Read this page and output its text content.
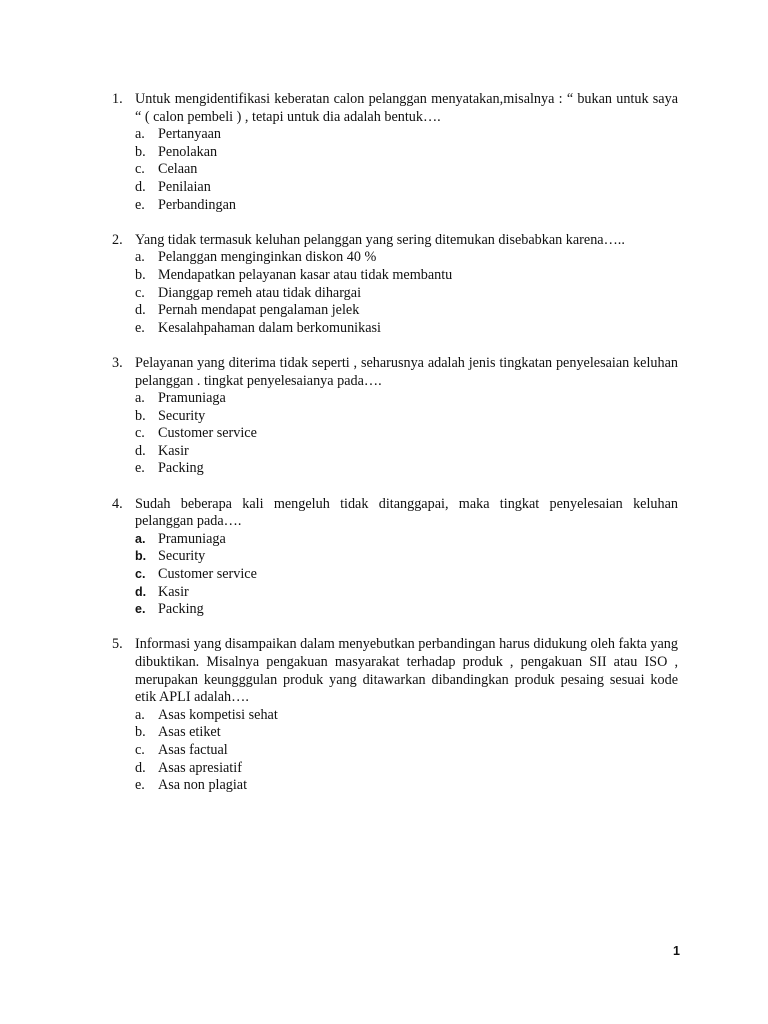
1. Untuk mengidentifikasi keberatan calon pelanggan menyatakan,misalnya : “ bukan untuk saya “ ( calon pembeli ) , tetapi untuk dia adalah bentuk….
a. Pertanyaan
b. Penolakan
c. Celaan
d. Penilaian
e. Perbandingan
2. Yang tidak termasuk keluhan pelanggan yang sering ditemukan disebabkan karena…..
a. Pelanggan menginginkan diskon 40 %
b. Mendapatkan pelayanan kasar atau tidak membantu
c. Dianggap remeh atau tidak dihargai
d. Pernah mendapat pengalaman jelek
e. Kesalahpahaman dalam berkomunikasi
3. Pelayanan yang diterima tidak seperti , seharusnya adalah jenis tingkatan penyelesaian keluhan pelanggan . tingkat penyelesaianya pada….
a. Pramuniaga
b. Security
c. Customer service
d. Kasir
e. Packing
4. Sudah beberapa kali mengeluh tidak ditanggapai, maka tingkat penyelesaian keluhan pelanggan pada….
a. Pramuniaga
b. Security
c. Customer service
d. Kasir
e. Packing
5. Informasi yang disampaikan dalam menyebutkan perbandingan harus didukung oleh fakta yang dibuktikan. Misalnya pengakuan masyarakat terhadap produk , pengakuan SII atau ISO , merupakan keungggulan produk yang ditawarkan dibandingkan produk pesaing sesuai kode etik APLI adalah….
a. Asas kompetisi sehat
b. Asas etiket
c. Asas factual
d. Asas apresiatif
e. Asa non plagiat
1
